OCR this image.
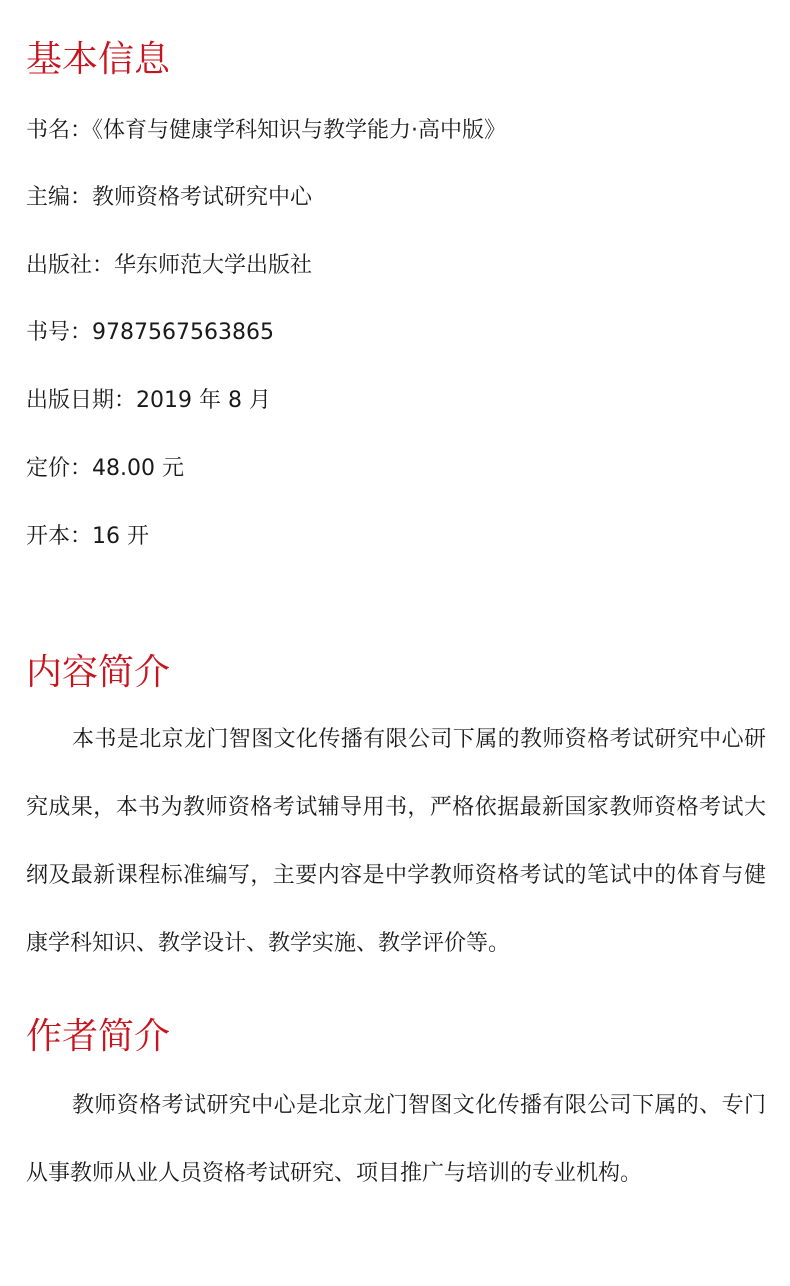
基本信息
书名：《体育与健康学科知识与教学能力·高中版》
主编：教师资格考试研究中心
出版社：华东师范大学出版社
书号：9787567563865
出版日期：2019 年 8 月
定价：48.00 元
开本：16 开
内容简介

本书是北京龙门智图文化传播有限公司下属的教师资格考试研究中心研究成果，本书为教师资格考试辅导用书，严格依据最新国家教师资格考试大纲及最新课程标准编写，主要内容是中学教师资格考试的笔试中的体育与健康学科知识、教学设计、教学实施、教学评价等。

作者简介

教师资格考试研究中心是北京龙门智图文化传播有限公司下属的、专门从事教师从业人员资格考试研究、项目推广与培训的专业机构。
